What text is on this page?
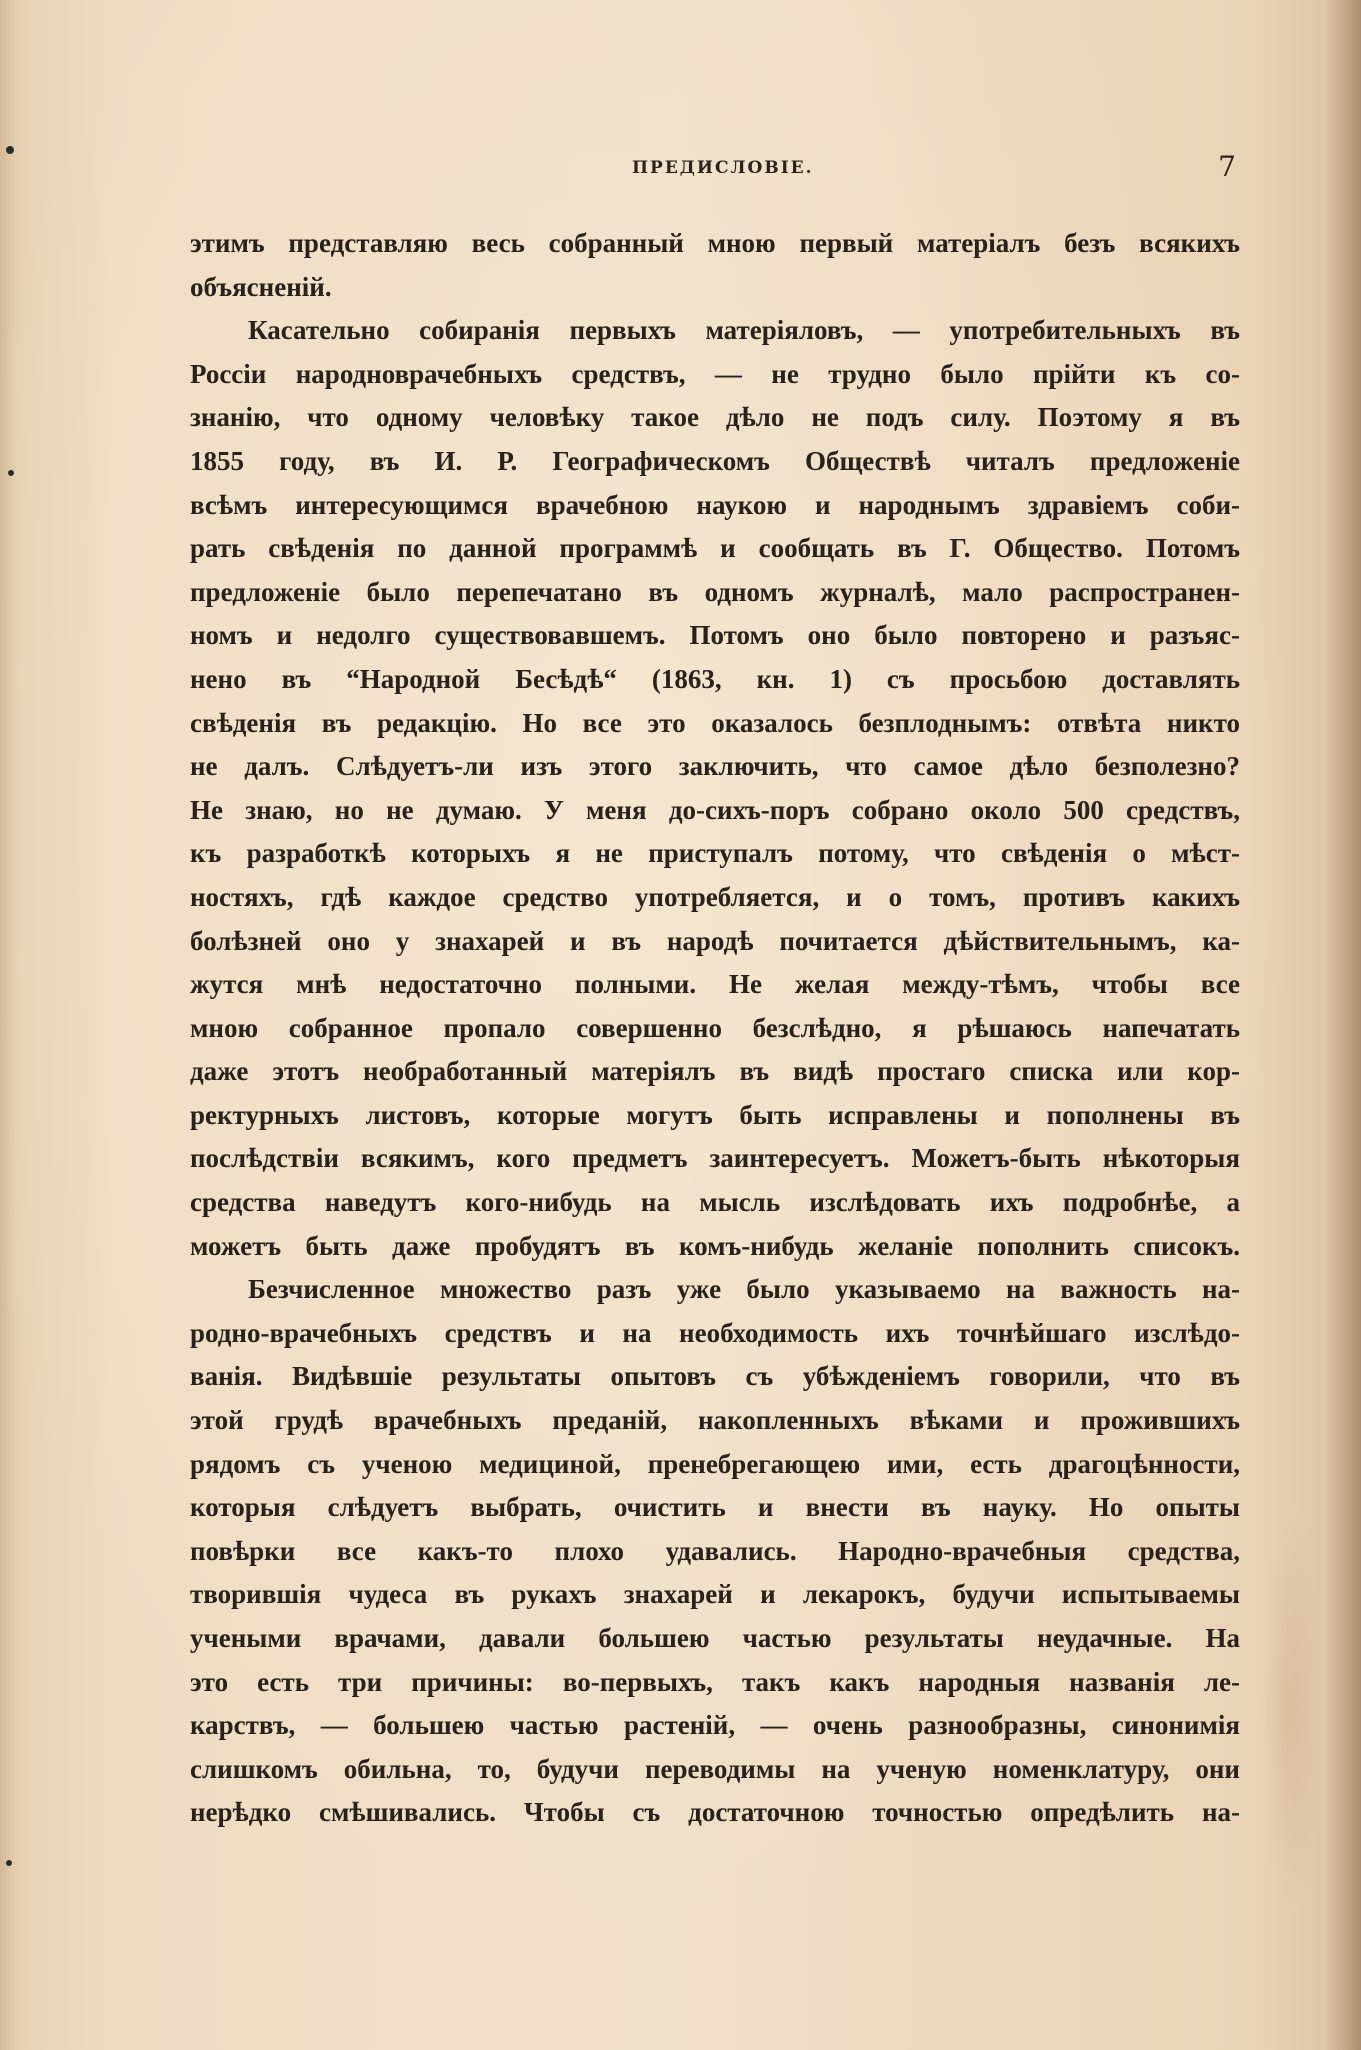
ПРЕДИСЛОВІЕ.	7
этимъ представляю весь собранный мною первый матеріалъ безъ всякихъ
объясненій.
Касательно собиранія первыхъ матеріяловъ, — употребительныхъ въ
Россіи народноврачебныхъ средствъ, — не трудно было прійти къ со-
знанію, что одному человѣку такое дѣло не подъ силу. Поэтому я въ
1855 году, въ И. Р. Географическомъ Обществѣ читалъ предложеніе
всѣмъ интересующимся врачебною наукою и народнымъ здравіемъ соби-
рать свѣденія по данной программѣ и сообщать въ Г. Общество. Потомъ
предложеніе было перепечатано въ одномъ журналѣ, мало распространен-
номъ и недолго существовавшемъ. Потомъ оно было повторено и разъяс-
нено въ “Народной Бесѣдѣ“ (1863, кн. 1) съ просьбою доставлять
свѣденія въ редакцію. Но все это оказалось безплоднымъ: отвѣта никто
не далъ. Слѣдуетъ-ли изъ этого заключить, что самое дѣло безполезно?
Не знаю, но не думаю. У меня до-сихъ-поръ собрано около 500 средствъ,
къ разработкѣ которыхъ я не приступалъ потому, что свѣденія о мѣст-
ностяхъ, гдѣ каждое средство употребляется, и о томъ, противъ какихъ
болѣзней оно у знахарей и въ народѣ почитается дѣйствительнымъ, ка-
жутся мнѣ недостаточно полными. Не желая между-тѣмъ, чтобы все
мною собранное пропало совершенно безслѣдно, я рѣшаюсь напечатать
даже этотъ необработанный матеріялъ въ видѣ простаго списка или кор-
ректурныхъ листовъ, которые могутъ быть исправлены и пополнены въ
послѣдствіи всякимъ, кого предметъ заинтересуетъ. Можетъ-быть нѣкоторыя
средства наведутъ кого-нибудь на мысль изслѣдовать ихъ подробнѣе, а
можетъ быть даже пробудятъ въ комъ-нибудь желаніе пополнить списокъ.
Безчисленное множество разъ уже было указываемо на важность на-
родно-врачебныхъ средствъ и на необходимость ихъ точнѣйшаго изслѣдо-
ванія. Видѣвшіе результаты опытовъ съ убѣжденіемъ говорили, что въ
этой грудѣ врачебныхъ преданій, накопленныхъ вѣками и прожившихъ
рядомъ съ ученою медициной, пренебрегающею ими, есть драгоцѣнности,
которыя слѣдуетъ выбрать, очистить и внести въ науку. Но опыты
повѣрки все какъ-то плохо удавались. Народно-врачебныя средства,
творившія чудеса въ рукахъ знахарей и лекарокъ, будучи испытываемы
учеными врачами, давали большею частью результаты неудачные. На
это есть три причины: во-первыхъ, такъ какъ народныя названія ле-
карствъ, — большею частью растеній, — очень разнообразны, синонимія
слишкомъ обильна, то, будучи переводимы на ученую номенклатуру, они
нерѣдко смѣшивались. Чтобы съ достаточною точностью опредѣлить на-
